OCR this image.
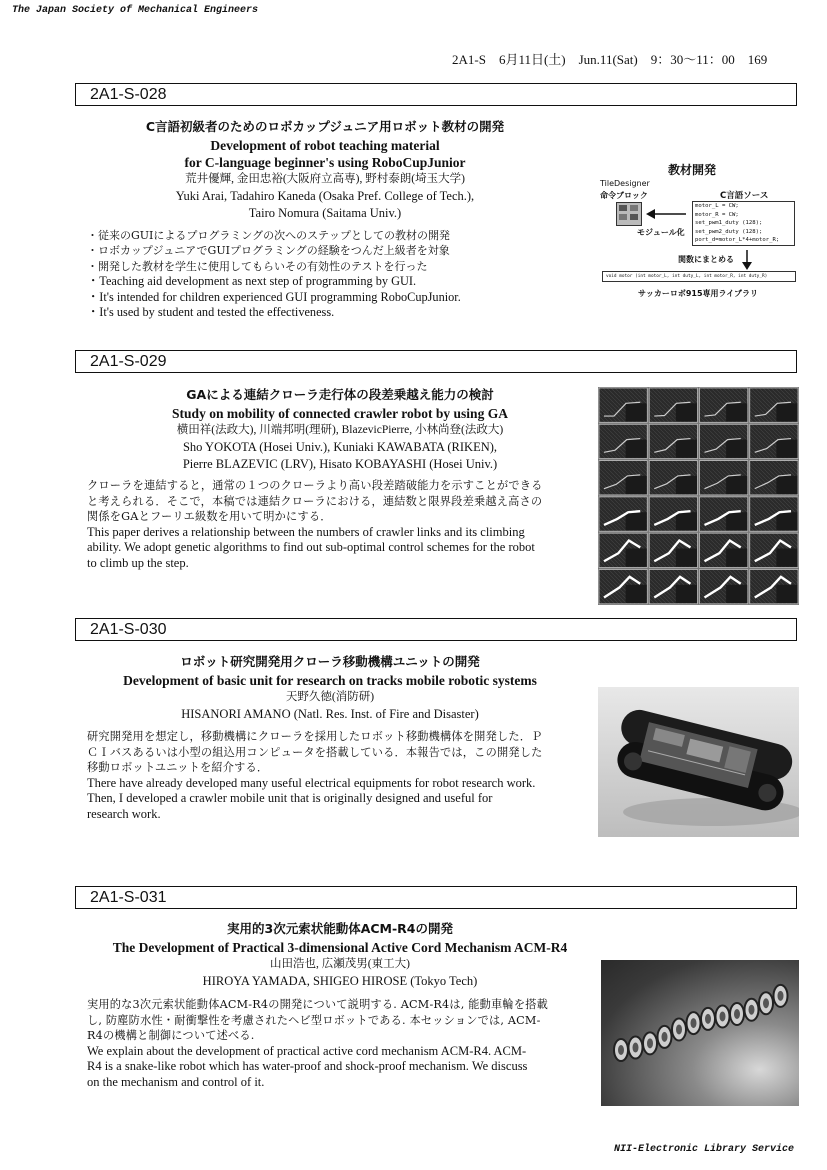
The Japan Society of Mechanical Engineers
2A1-S　6月11日(土)　Jun.11(Sat)　9：30〜11：00　169
2A1-S-028
C言語初級者のためのロボカップジュニア用ロボット教材の開発
Development of robot teaching material
for C-language beginner's using RoboCupJunior
荒井優輝, 金田忠裕(大阪府立高専), 野村泰朗(埼玉大学)
Yuki Arai, Tadahiro Kaneda (Osaka Pref. College of Tech.),
Tairo Nomura (Saitama Univ.)
・従来のGUIによるプログラミングの次へのステップとしての教材の開発
・ロボカップジュニアでGUIプログラミングの経験をつんだ上級者を対象
・開発した教材を学生に使用してもらいその有効性のテストを行った
・Teaching aid development as next step of programming by GUI.
・It's intended for children experienced GUI programming RoboCupJunior.
・It's used by student and tested the effectiveness.
教材開発
TileDesigner
命令ブロック	C言語ソース
motor_L = CW;
motor_R = CW;
set_pwm1_duty (128);
set_pwm2_duty (128);
port_d=motor_L*4+motor_R;
モジュール化
関数にまとめる
void motor (int motor_L, int duty_L, int motor_R, int duty_R)
サッカーロボ915専用ライブラリ
2A1-S-029
GAによる連結クローラ走行体の段差乗越え能力の検討
Study on mobility of connected crawler robot by using GA
横田祥(法政大), 川端邦明(理研), BlazevicPierre, 小林尚登(法政大)
Sho YOKOTA (Hosei Univ.), Kuniaki KAWABATA (RIKEN),
Pierre BLAZEVIC (LRV), Hisato KOBAYASHI (Hosei Univ.)
クローラを連結すると，通常の１つのクローラより高い段差踏破能力を示すことができる
と考えられる．そこで，本稿では連結クローラにおける，連結数と限界段差乗越え高さの
関係をGAとフーリエ級数を用いて明かにする．
This paper derives a relationship between the numbers of crawler links and its climbing
ability. We adopt genetic algorithms to find out sub-optimal control schemes for the robot
to climb up the step.
2A1-S-030
ロボット研究開発用クローラ移動機構ユニットの開発
Development of basic unit for research on tracks mobile robotic systems
天野久徳(消防研)
HISANORI AMANO (Natl. Res. Inst. of Fire and Disaster)
研究開発用を想定し，移動機構にクローラを採用したロボット移動機構体を開発した．Ｐ
ＣＩバスあるいは小型の組込用コンピュータを搭載している．本報告では，この開発した
移動ロボットユニットを紹介する．
There have already developed many useful electrical equipments for robot research work.
Then, I developed a crawler mobile unit that is originally designed and useful for
research work.
2A1-S-031
実用的3次元索状能動体ACM-R4の開発
The Development of Practical 3-dimensional Active Cord Mechanism ACM-R4
山田浩也, 広瀬茂男(東工大)
HIROYA YAMADA, SHIGEO HIROSE (Tokyo Tech)
実用的な3次元索状能動体ACM-R4の開発について説明する. ACM-R4は, 能動車輪を搭載
し, 防塵防水性・耐衝撃性を考慮されたヘビ型ロボットである. 本セッションでは, ACM-
R4の機構と制御について述べる.
We explain about the development of practical active cord mechanism ACM-R4. ACM-
R4 is a snake-like robot which has water-proof and shock-proof mechanism. We discuss
on the mechanism and control of it.
NII-Electronic Library Service
